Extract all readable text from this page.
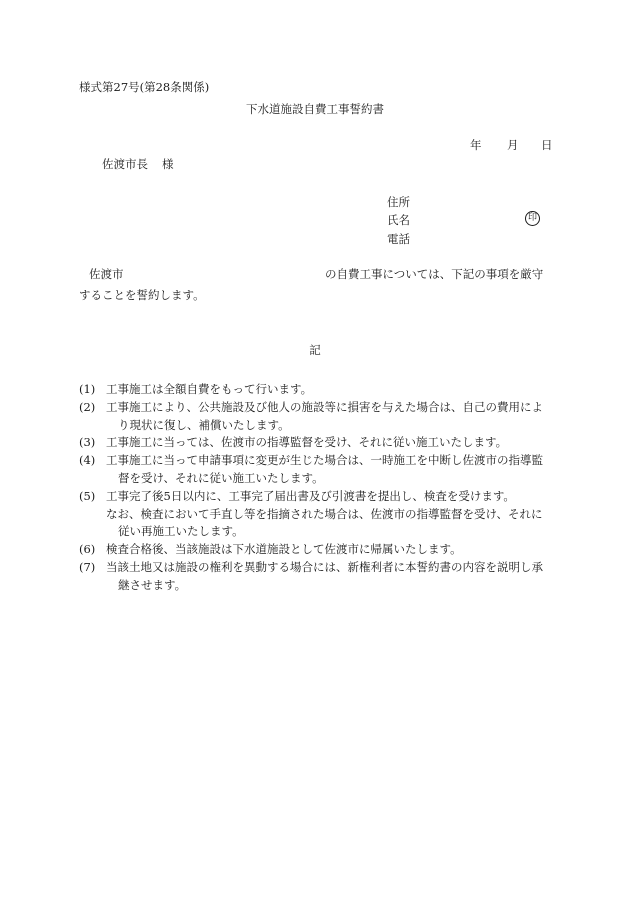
様式第27号(第28条関係)
下水道施設自費工事誓約書
年 月 日
佐渡市長 様
住所
氏名	印
電話
佐渡市	の自費工事については、下記の事項を厳守
することを誓約します。
記
(1) 工事施工は全額自費をもって行います。
(2) 工事施工により、公共施設及び他人の施設等に損害を与えた場合は、自己の費用によ
り現状に復し、補償いたします。
(3) 工事施工に当っては、佐渡市の指導監督を受け、それに従い施工いたします。
(4) 工事施工に当って申請事項に変更が生じた場合は、一時施工を中断し佐渡市の指導監
督を受け、それに従い施工いたします。
(5) 工事完了後5日以内に、工事完了届出書及び引渡書を提出し、検査を受けます。
なお、検査において手直し等を指摘された場合は、佐渡市の指導監督を受け、それに
従い再施工いたします。
(6) 検査合格後、当該施設は下水道施設として佐渡市に帰属いたします。
(7) 当該土地又は施設の権利を異動する場合には、新権利者に本誓約書の内容を説明し承
継させます。
